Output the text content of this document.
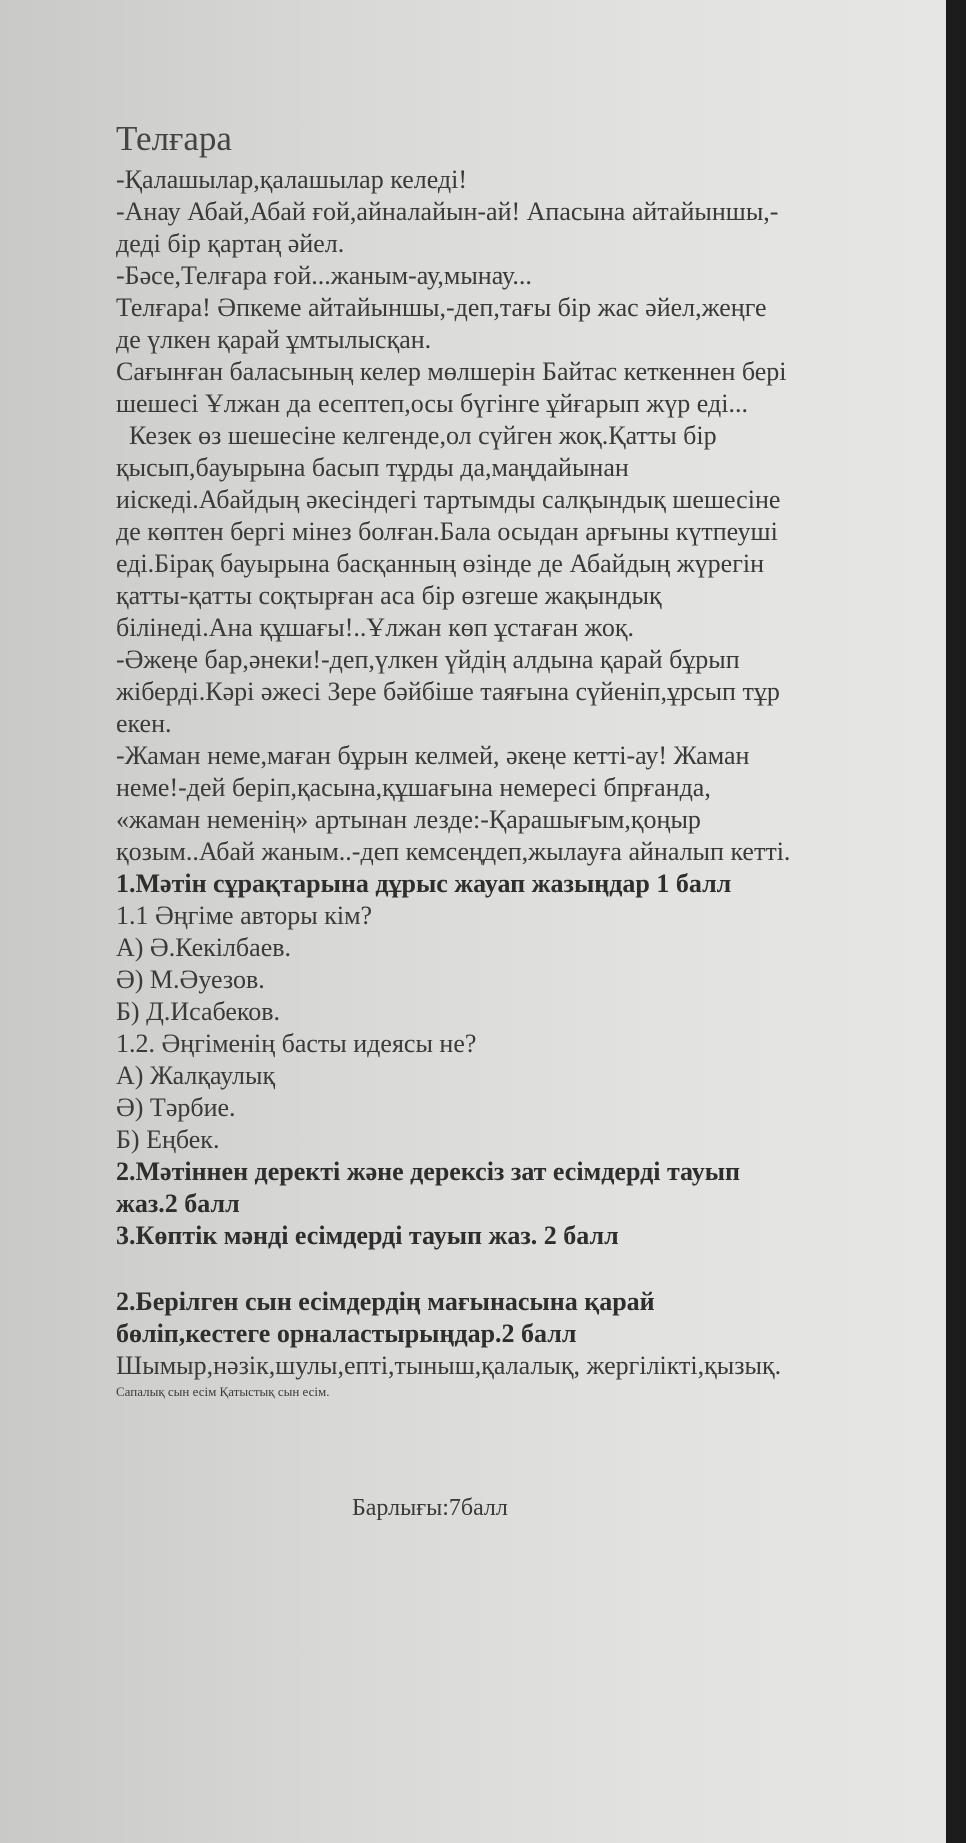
Телғара
-Қалашылар,қалашылар келеді!
-Анау Абай,Абай ғой,айналайын-ай! Апасына айтайыншы,-
деді бір қартаң әйел.
-Бәсе,Телғара ғой...жаным-ау,мынау...
Телғара! Әпкеме айтайыншы,-деп,тағы бір жас әйел,жеңге
де үлкен қарай ұмтылысқан.
Сағынған баласының келер мөлшерін Байтас кеткеннен бері
шешесі Ұлжан да есептеп,осы бүгінге ұйғарып жүр еді...
Кезек өз шешесіне келгенде,ол сүйген жоқ.Қатты бір
қысып,бауырына басып тұрды да,маңдайынан
иіскеді.Абайдың әкесіндегі тартымды салқындық шешесіне
де көптен бергі мінез болған.Бала осыдан арғыны күтпеуші
еді.Бірақ бауырына басқанның өзінде де Абайдың жүрегін
қатты-қатты соқтырған аса бір өзгеше жақындық
білінеді.Ана құшағы!..Ұлжан көп ұстаған жоқ.
-Әжеңе бар,әнеки!-деп,үлкен үйдің алдына қарай бұрып
жіберді.Кәрі әжесі Зере бәйбіше таяғына сүйеніп,ұрсып тұр
екен.
-Жаман неме,маған бұрын келмей, әкеңе кетті-ау! Жаман
неме!-дей беріп,қасына,құшағына немересі бпрғанда,
«жаман неменің» артынан лезде:-Қарашығым,қоңыр
қозым..Абай жаным..-деп кемсеңдеп,жылауға айналып кетті.
1.Мәтін сұрақтарына дұрыс жауап жазыңдар 1 балл
1.1 Әңгіме авторы кім?
А) Ә.Кекілбаев.
Ә) М.Әуезов.
Б) Д.Исабеков.
1.2. Әңгіменің басты идеясы не?
А) Жалқаулық
Ә) Тәрбие.
Б) Еңбек.
2.Мәтіннен деректі және дерексіз зат есімдерді тауып
жаз.2 балл
3.Көптік мәнді есімдерді тауып жаз. 2 балл
2.Берілген сын есімдердің мағынасына қарай
бөліп,кестеге орналастырыңдар.2 балл
Шымыр,нәзік,шулы,епті,тыныш,қалалық, жергілікті,қызық.
Сапалық сын есім Қатыстық сын есім.
Барлығы:7балл
